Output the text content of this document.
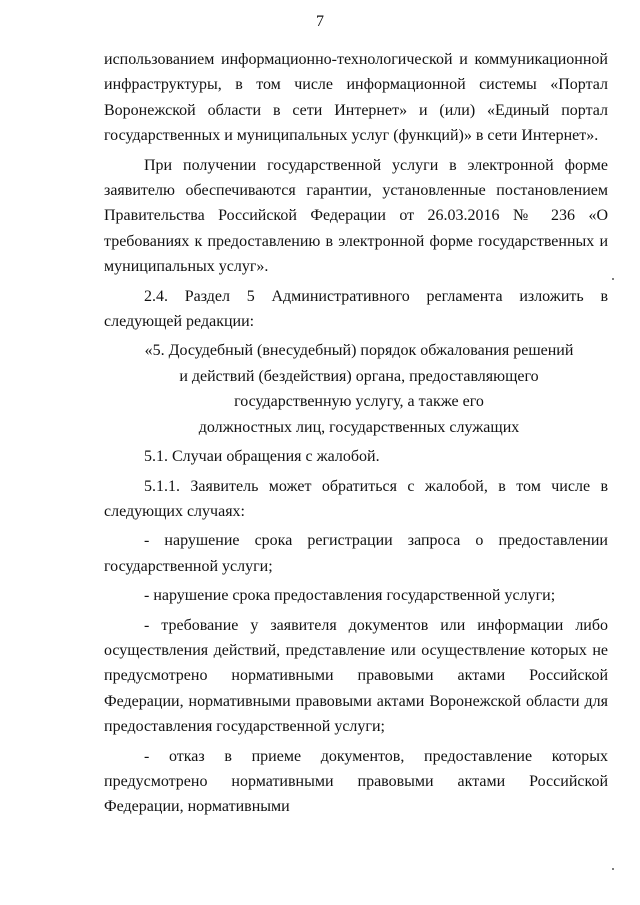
7

использованием информационно-технологической и коммуникационной инфраструктуры, в том числе информационной системы «Портал Воронежской области в сети Интернет» и (или) «Единый портал государственных и муниципальных услуг (функций)» в сети Интернет».

При получении государственной услуги в электронной форме заявителю обеспечиваются гарантии, установленные постановлением Правительства Российской Федерации от 26.03.2016 № 236 «О требованиях к предоставлению в электронной форме государственных и муниципальных услуг».

2.4. Раздел 5 Административного регламента изложить в следующей редакции:

«5. Досудебный (внесудебный) порядок обжалования решений

и действий (бездействия) органа, предоставляющего

государственную услугу, а также его

должностных лиц, государственных служащих

5.1. Случаи обращения с жалобой.

5.1.1. Заявитель может обратиться с жалобой, в том числе в следующих случаях:

- нарушение срока регистрации запроса о предоставлении государственной услуги;

- нарушение срока предоставления государственной услуги;

- требование у заявителя документов или информации либо осуществления действий, представление или осуществление которых не предусмотрено нормативными правовыми актами Российской Федерации, нормативными правовыми актами Воронежской области для предоставления государственной услуги;

- отказ в приеме документов, предоставление которых предусмотрено нормативными правовыми актами Российской Федерации, нормативными
